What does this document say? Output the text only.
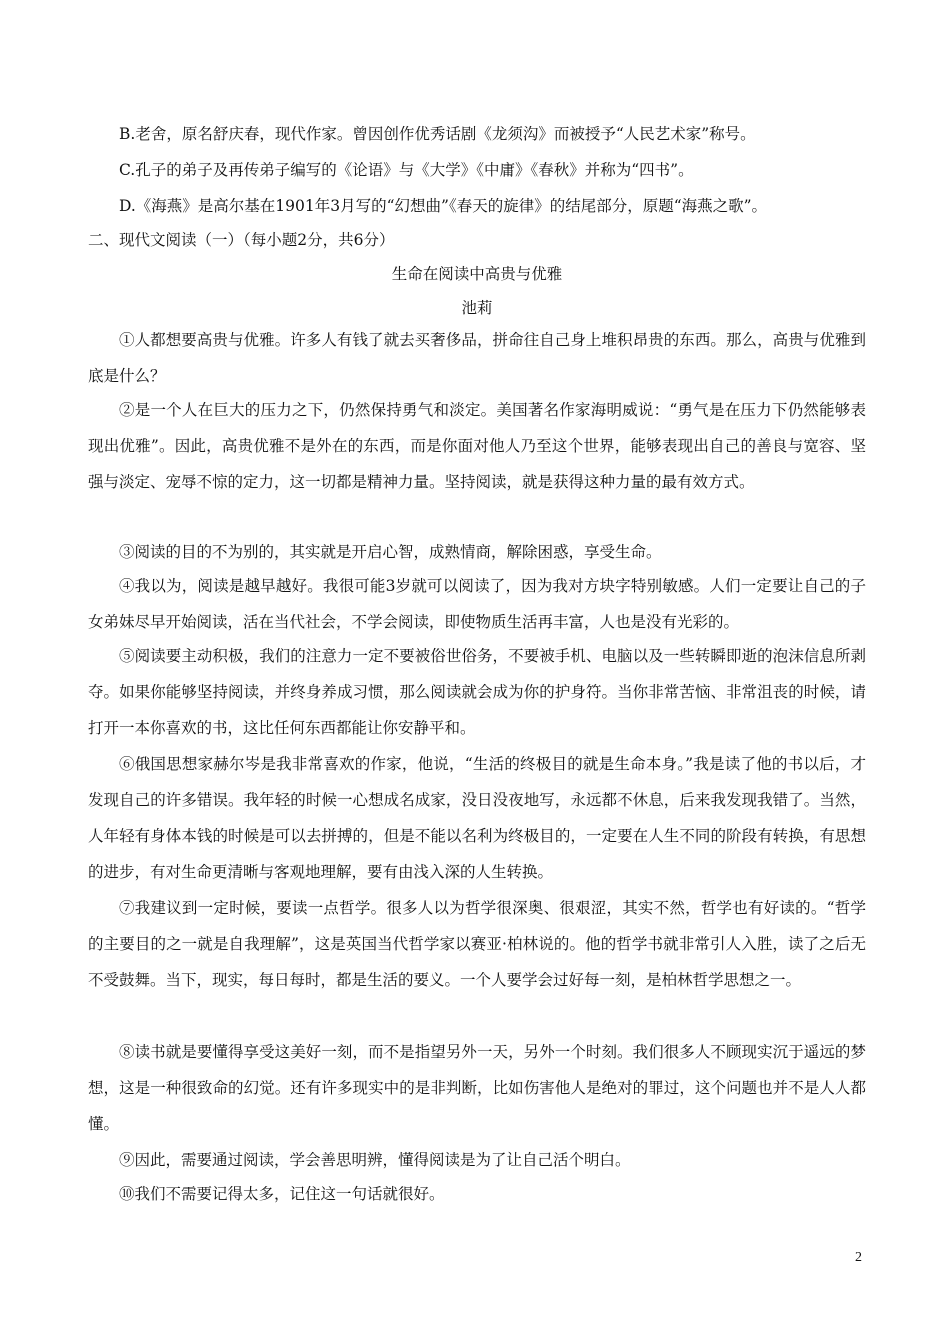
B.老舍，原名舒庆春，现代作家。曾因创作优秀话剧《龙须沟》而被授予“人民艺术家”称号。
C.孔子的弟子及再传弟子编写的《论语》与《大学》《中庸》《春秋》并称为“四书”。
D.《海燕》是高尔基在1901年3月写的“幻想曲”《春天的旋律》的结尾部分，原题“海燕之歌”。
二、现代文阅读（一）（每小题2分，共6分）
生命在阅读中高贵与优雅
池莉
①人都想要高贵与优雅。许多人有钱了就去买奢侈品，拼命往自己身上堆积昂贵的东西。那么，高贵与优雅到底是什么？
②是一个人在巨大的压力之下，仍然保持勇气和淡定。美国著名作家海明威说：“勇气是在压力下仍然能够表现出优雅”。因此，高贵优雅不是外在的东西，而是你面对他人乃至这个世界，能够表现出自己的善良与宽容、坚强与淡定、宠辱不惊的定力，这一切都是精神力量。坚持阅读，就是获得这种力量的最有效方式。
③阅读的目的不为别的，其实就是开启心智，成熟情商，解除困惑，享受生命。
④我以为，阅读是越早越好。我很可能3岁就可以阅读了，因为我对方块字特别敏感。人们一定要让自己的子女弟妹尽早开始阅读，活在当代社会，不学会阅读，即使物质生活再丰富，人也是没有光彩的。
⑤阅读要主动积极，我们的注意力一定不要被俗世俗务，不要被手机、电脑以及一些转瞬即逝的泡沫信息所剥夺。如果你能够坚持阅读，并终身养成习惯，那么阅读就会成为你的护身符。当你非常苦恼、非常沮丧的时候，请打开一本你喜欢的书，这比任何东西都能让你安静平和。
⑥俄国思想家赫尔岑是我非常喜欢的作家，他说，“生活的终极目的就是生命本身。”我是读了他的书以后，才发现自己的许多错误。我年轻的时候一心想成名成家，没日没夜地写，永远都不休息，后来我发现我错了。当然，人年轻有身体本钱的时候是可以去拼搏的，但是不能以名利为终极目的，一定要在人生不同的阶段有转换，有思想的进步，有对生命更清晰与客观地理解，要有由浅入深的人生转换。
⑦我建议到一定时候，要读一点哲学。很多人以为哲学很深奥、很艰涩，其实不然，哲学也有好读的。“哲学的主要目的之一就是自我理解”，这是英国当代哲学家以赛亚·柏林说的。他的哲学书就非常引人入胜，读了之后无不受鼓舞。当下，现实，每日每时，都是生活的要义。一个人要学会过好每一刻，是柏林哲学思想之一。
⑧读书就是要懂得享受这美好一刻，而不是指望另外一天，另外一个时刻。我们很多人不顾现实沉于遥远的梦想，这是一种很致命的幻觉。还有许多现实中的是非判断，比如伤害他人是绝对的罪过，这个问题也并不是人人都懂。
⑨因此，需要通过阅读，学会善思明辨，懂得阅读是为了让自己活个明白。
⑩我们不需要记得太多，记住这一句话就很好。
2
